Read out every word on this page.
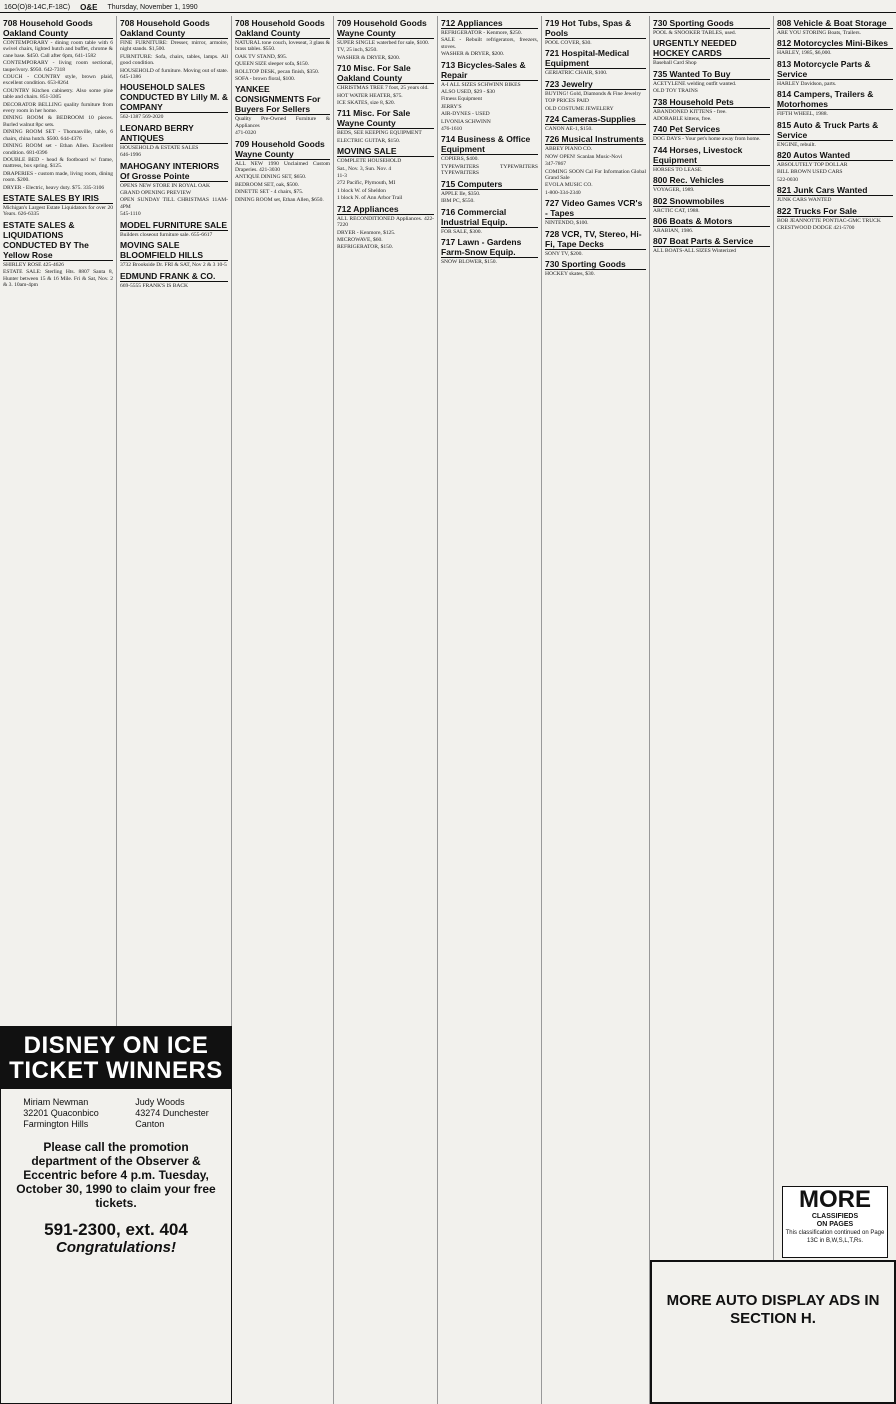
16O(O)8-14C,F-18C) O&E Thursday, November 1, 1990
708 Household Goods Oakland County
CONTEMPORARY - dining room table with 6 swivel chairs, lighted hutch and buffet, chrome & cane base. $450. Call after 6pm, 641-1582
CONTEMPORARY - living room sectional, taupe/ivory. $950. 642-7318
COUCH - COUNTRY style, brown plaid, excellent condition. 653-8264
COUNTRY Kitchen cabinetry. Also some pine table and chairs. 851-3305
DECORATOR BELLING quality furniture from every room in her home.
DINING ROOM & BEDROOM 10 pieces. Burled walnut 8pc sets.
DINING ROOM SET - Thomasville, table, 6 chairs, china hutch. $500. 644-4376
DINING ROOM set - Ethan Allen. Excellent condition. 681-0396
DOUBLE BED - head & footboard w/ frame, mattress, box spring. $125.
DRAPERIES - custom made, living room, dining room. $200.
DRYER - Electric, heavy duty. $75. 335-3106
ESTATE SALES BY IRIS
Michigan's Largest Estate Liquidators for over 20 Years. 626-6335
ESTATE SALES & LIQUIDATIONS CONDUCTED BY The Yellow Rose
SHIRLEY ROSE 425-4626
ESTATE SALE: Sterling Hts. 8807 Santa 8, Hunter between 15 & 16 Mile. Fri & Sat, Nov. 2 & 3. 10am-4pm
708 Household Goods Oakland County
FINE FURNITURE: Dresser, mirror, armoire, night stands. $1,500.
FURNITURE: Sofa, chairs, tables, lamps. All good condition.
HOUSEHOLD of furniture. Moving out of state. 645-1386
HOUSEHOLD SALES CONDUCTED BY Lilly M. & COMPANY
562-1387 569-2020
LEONARD BERRY ANTIQUES
HOUSEHOLD & ESTATE SALES
646-1996
MAHOGANY INTERIORS Of Grosse Pointe
OPENS NEW STORE IN ROYAL OAK
GRAND OPENING PREVIEW
OPEN SUNDAY TILL CHRISTMAS 11AM-4PM
545-1110
MODEL FURNITURE SALE
Builders closeout furniture sale. 655-6617
MOVING SALE BLOOMFIELD HILLS
3732 Brookside Dr. FRI & SAT, Nov 2 & 3 10-5
EDMUND FRANK & CO.
669-5555 FRANK'S IS BACK
708 Household Goods Oakland County
NATURAL tone couch, loveseat, 3 glass & brass tables. $550.
OAK TV STAND, $95.
QUEEN SIZE sleeper sofa, $150.
ROLLTOP DESK, pecan finish, $350.
SOFA - brown floral, $100.
YANKEE CONSIGNMENTS For Buyers For Sellers
Quality Pre-Owned Furniture & Appliances
471-0320
709 Household Goods Wayne County
ALL NEW 1990 Unclaimed Custom Draperies. 421-3030
ANTIQUE DINING SET, $650.
BEDROOM SET, oak, $500.
DINETTE SET - 4 chairs, $75.
DINING ROOM set, Ethan Allen, $650.
709 Household Goods Wayne County
SUPER SINGLE waterbed for sale, $100.
TV, 25 inch, $250.
WASHER & DRYER, $200.
710 Misc. For Sale Oakland County
CHRISTMAS TREE 7 foot, 25 years old.
HOT WATER HEATER, $75.
ICE SKATES, size 8, $20.
711 Misc. For Sale Wayne County
BEDS, SEE KEEPING EQUIPMENT
ELECTRIC GUITAR, $150.
MOVING SALE
COMPLETE HOUSEHOLD
Sat., Nov. 3, Sun. Nov. 4
11-3
272 Pacific, Plymouth, MI
1 block W. of Sheldon
1 block N. of Ann Arbor Trail
712 Appliances
ALL RECONDITIONED Appliances. 422-7220
DRYER - Kenmore, $125.
MICROWAVE, $60.
REFRIGERATOR, $150.
712 Appliances
REFRIGERATOR - Kenmore, $250.
SALE - Rebuilt refrigerators, freezers, stoves.
WASHER & DRYER, $200.
713 Bicycles-Sales & Repair
A-I ALL SIZES SCHWINN BIKES
ALSO USED, $29 - $30
Fitness Equipment
JERRY'S
AIR-DYNES - USED
LIVONIA SCHWINN
476-1610
714 Business & Office Equipment
COPIERS, $400.
TYPEWRITERS TYPEWRITERS TYPEWRITERS
715 Computers
APPLE IIe, $350.
IBM PC, $550.
716 Commercial Industrial Equip.
FOR SALE, $300.
717 Lawn - Gardens Farm-Snow Equip.
SNOW BLOWER, $150.
719 Hot Tubs, Spas & Pools
POOL COVER, $30.
721 Hospital-Medical Equipment
GERIATRIC CHAIR, $100.
723 Jewelry
BUYING! Gold, Diamonds & Fine Jewelry
TOP PRICES PAID
OLD COSTUME JEWELERY
724 Cameras-Supplies
CANON AE-1, $150.
726 Musical Instruments
ABBEY PIANO CO.
NOW OPEN! Scanlan Music-Novi
347-7867
COMING SOON Cal For Information Global Grand Sale
EVOLA MUSIC CO.
1-800-334-2340
727 Video Games VCR's - Tapes
NINTENDO, $100.
728 VCR, TV, Stereo, Hi-Fi, Tape Decks
SONY TV, $200.
730 Sporting Goods
HOCKEY skates, $30.
730 Sporting Goods
POOL & SNOOKER TABLES, used.
URGENTLY NEEDED HOCKEY CARDS
Baseball Card Shop
735 Wanted To Buy
ACETYLENE welding outfit wanted.
OLD TOY TRAINS
738 Household Pets
ABANDONED KITTENS - free.
ADORABLE kittens, free.
740 Pet Services
DOG DAYS - Your pet's home away from home.
744 Horses, Livestock Equipment
HORSES TO LEASE.
800 Rec. Vehicles
VOYAGER, 1989.
802 Snowmobiles
ARCTIC CAT, 1988.
806 Boats & Motors
ARABIAN, 1986.
807 Boat Parts & Service
ALL BOATS-ALL SIZES Winterized
808 Vehicle & Boat Storage
ARE YOU STORING Boats, Trailers.
812 Motorcycles Mini-Bikes
HARLEY, 1985, $6,000.
813 Motorcycle Parts & Service
HARLEY Davidson, parts.
814 Campers, Trailers & Motorhomes
FIFTH WHEEL, 1988.
815 Auto & Truck Parts & Service
ENGINE, rebuilt.
820 Autos Wanted
ABSOLUTELY TOP DOLLAR
BILL BROWN USED CARS
522-0030
821 Junk Cars Wanted
JUNK CARS WANTED
822 Trucks For Sale
BOB JEANNOTTE PONTIAC-GMC TRUCK
CRESTWOOD DODGE 421-5700
DISNEY ON ICE TICKET WINNERS
Miriam Newman
32201 Quaconbico
Farmington Hills
Judy Woods
43274 Dunchester
Canton
Please call the promotion department of the Observer & Eccentric before 4 p.m. Tuesday, October 30, 1990 to claim your free tickets.
591-2300, ext. 404
Congratulations!
MORE
CLASSIFIEDS
ON PAGES
This classification continued on Page 13C in B,W,S,L,T,Rs.
MORE AUTO DISPLAY ADS IN SECTION H.
